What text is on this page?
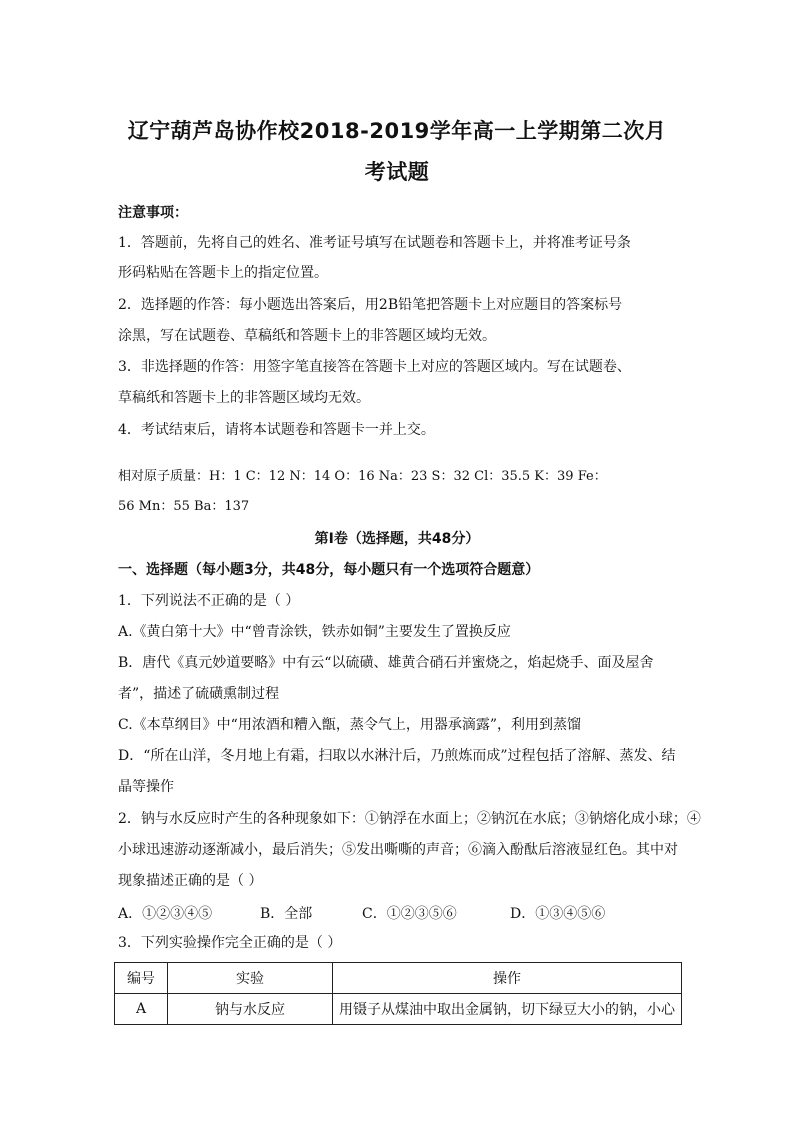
辽宁葫芦岛协作校2018-2019学年高一上学期第二次月
考试题
注意事项：
1．答题前，先将自己的姓名、准考证号填写在试题卷和答题卡上，并将准考证号条
形码粘贴在答题卡上的指定位置。
2．选择题的作答：每小题选出答案后，用2B铅笔把答题卡上对应题目的答案标号
涂黑，写在试题卷、草稿纸和答题卡上的非答题区域均无效。
3．非选择题的作答：用签字笔直接答在答题卡上对应的答题区域内。写在试题卷、
草稿纸和答题卡上的非答题区域均无效。
4．考试结束后，请将本试题卷和答题卡一并上交。
相对原子质量：H：1 C：12 N：14 O：16 Na：23 S：32 Cl：35.5 K：39 Fe：
56 Mn：55 Ba：137
第I卷（选择题，共48分）
一、选择题（每小题3分，共48分，每小题只有一个选项符合题意）
1．下列说法不正确的是（ ）
A.《黄白第十大》中“曾青涂铁，铁赤如铜”主要发生了置换反应
B．唐代《真元妙道要略》中有云“以硫磺、雄黄合硝石并蜜烧之，焰起烧手、面及屋舍
者”，描述了硫磺熏制过程
C.《本草纲目》中“用浓酒和糟入甑，蒸令气上，用器承滴露”，利用到蒸馏
D．“所在山洋，冬月地上有霜，扫取以水淋汁后，乃煎炼而成”过程包括了溶解、蒸发、结
晶等操作
2．钠与水反应时产生的各种现象如下：①钠浮在水面上；②钠沉在水底；③钠熔化成小球；④
小球迅速游动逐渐减小，最后消失；⑤发出嘶嘶的声音；⑥滴入酚酞后溶液显红色。其中对
现象描述正确的是（ ）
A．①②③④⑤	B．全部	C．①②③⑤⑥	D．①③④⑤⑥
3．下列实验操作完全正确的是（ ）
编号	实验	操作
A	钠与水反应	用镊子从煤油中取出金属钠，切下绿豆大小的钠，小心
